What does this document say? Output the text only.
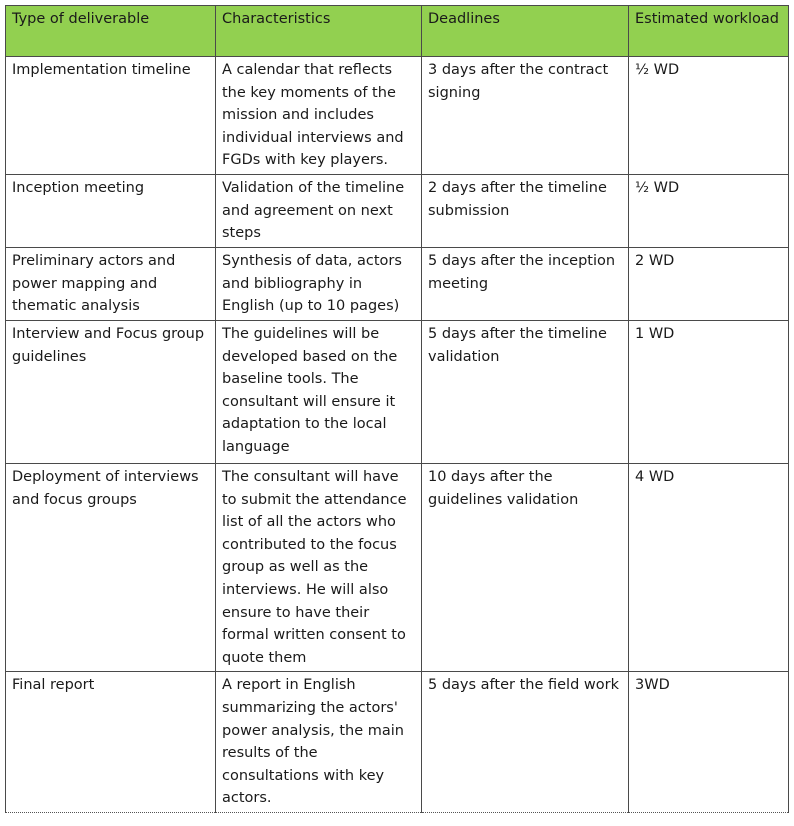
Type of deliverable	Characteristics	Deadlines	Estimated workload
Implementation timeline	A calendar that reflects the key moments of the mission and includes individual interviews and FGDs with key players.	3 days after the contract signing	½ WD
Inception meeting	Validation of the timeline and agreement on next steps	2 days after the timeline submission	½ WD
Preliminary actors and power mapping and thematic analysis	Synthesis of data, actors and bibliography in English (up to 10 pages)	5 days after the inception meeting	2 WD
Interview and Focus group guidelines	The guidelines will be developed based on the baseline tools. The consultant will ensure it adaptation to the local language	5 days after the timeline validation	1 WD
Deployment of interviews and focus groups	The consultant will have to submit the attendance list of all the actors who contributed to the focus group as well as the interviews. He will also ensure to have their formal written consent to quote them	10 days after the guidelines validation	4 WD
Final report	A report in English summarizing the actors' power analysis, the main results of the consultations with key actors.	5 days after the field work	3WD
